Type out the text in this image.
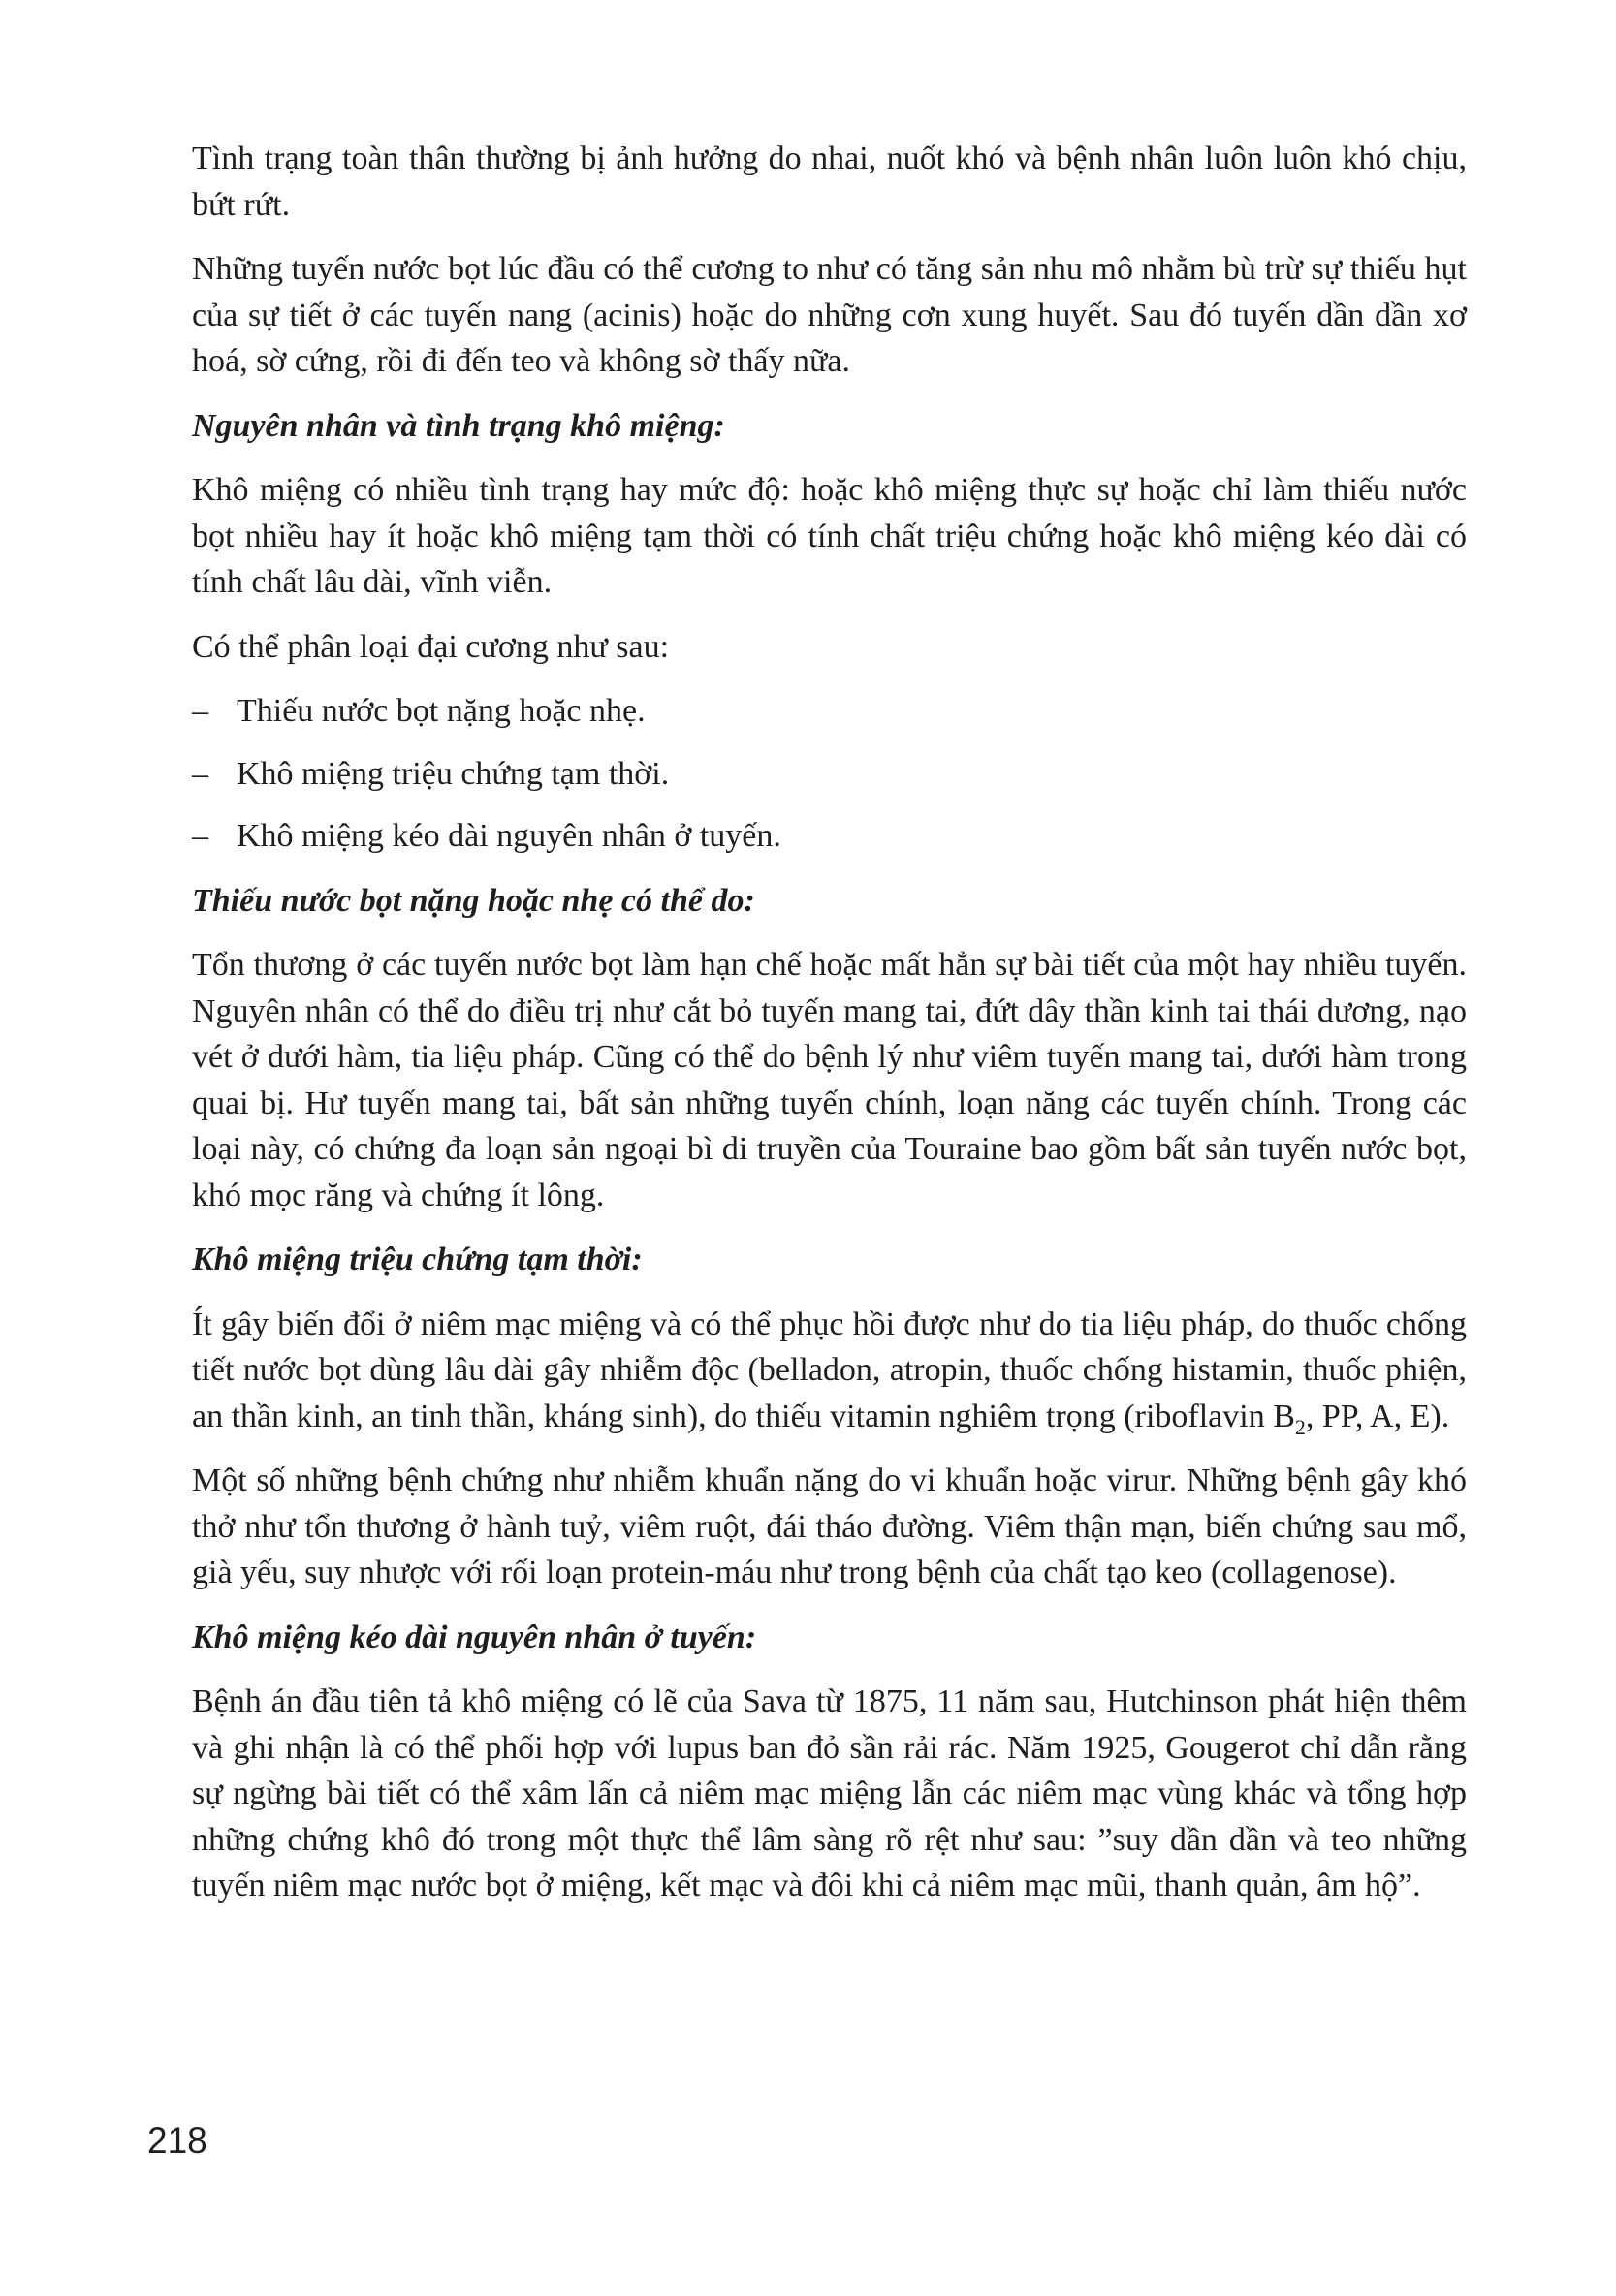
Tình trạng toàn thân thường bị ảnh hưởng do nhai, nuốt khó và bệnh nhân luôn luôn khó chịu, bứt rứt.

Những tuyến nước bọt lúc đầu có thể cương to như có tăng sản nhu mô nhằm bù trừ sự thiếu hụt của sự tiết ở các tuyến nang (acinis) hoặc do những cơn xung huyết. Sau đó tuyến dần dần xơ hoá, sờ cứng, rồi đi đến teo và không sờ thấy nữa.

Nguyên nhân và tình trạng khô miệng:

Khô miệng có nhiều tình trạng hay mức độ: hoặc khô miệng thực sự hoặc chỉ làm thiếu nước bọt nhiều hay ít hoặc khô miệng tạm thời có tính chất triệu chứng hoặc khô miệng kéo dài có tính chất lâu dài, vĩnh viễn.

Có thể phân loại đại cương như sau:

– Thiếu nước bọt nặng hoặc nhẹ.
– Khô miệng triệu chứng tạm thời.
– Khô miệng kéo dài nguyên nhân ở tuyến.

Thiếu nước bọt nặng hoặc nhẹ có thể do:

Tổn thương ở các tuyến nước bọt làm hạn chế hoặc mất hẳn sự bài tiết của một hay nhiều tuyến. Nguyên nhân có thể do điều trị như cắt bỏ tuyến mang tai, đứt dây thần kinh tai thái dương, nạo vét ở dưới hàm, tia liệu pháp. Cũng có thể do bệnh lý như viêm tuyến mang tai, dưới hàm trong quai bị. Hư tuyến mang tai, bất sản những tuyến chính, loạn năng các tuyến chính. Trong các loại này, có chứng đa loạn sản ngoại bì di truyền của Touraine bao gồm bất sản tuyến nước bọt, khó mọc răng và chứng ít lông.

Khô miệng triệu chứng tạm thời:

Ít gây biến đổi ở niêm mạc miệng và có thể phục hồi được như do tia liệu pháp, do thuốc chống tiết nước bọt dùng lâu dài gây nhiễm độc (belladon, atropin, thuốc chống histamin, thuốc phiện, an thần kinh, an tinh thần, kháng sinh), do thiếu vitamin nghiêm trọng (riboflavin $B_2$, PP, A, E).

Một số những bệnh chứng như nhiễm khuẩn nặng do vi khuẩn hoặc virur. Những bệnh gây khó thở như tổn thương ở hành tuỷ, viêm ruột, đái tháo đường. Viêm thận mạn, biến chứng sau mổ, già yếu, suy nhược với rối loạn protein-máu như trong bệnh của chất tạo keo (collagenose).

Khô miệng kéo dài nguyên nhân ở tuyến:

Bệnh án đầu tiên tả khô miệng có lẽ của Sava từ 1875, 11 năm sau, Hutchinson phát hiện thêm và ghi nhận là có thể phối hợp với lupus ban đỏ sần rải rác. Năm 1925, Gougerot chỉ dẫn rằng sự ngừng bài tiết có thể xâm lấn cả niêm mạc miệng lẫn các niêm mạc vùng khác và tổng hợp những chứng khô đó trong một thực thể lâm sàng rõ rệt như sau: ”suy dần dần và teo những tuyến niêm mạc nước bọt ở miệng, kết mạc và đôi khi cả niêm mạc mũi, thanh quản, âm hộ”.

218
